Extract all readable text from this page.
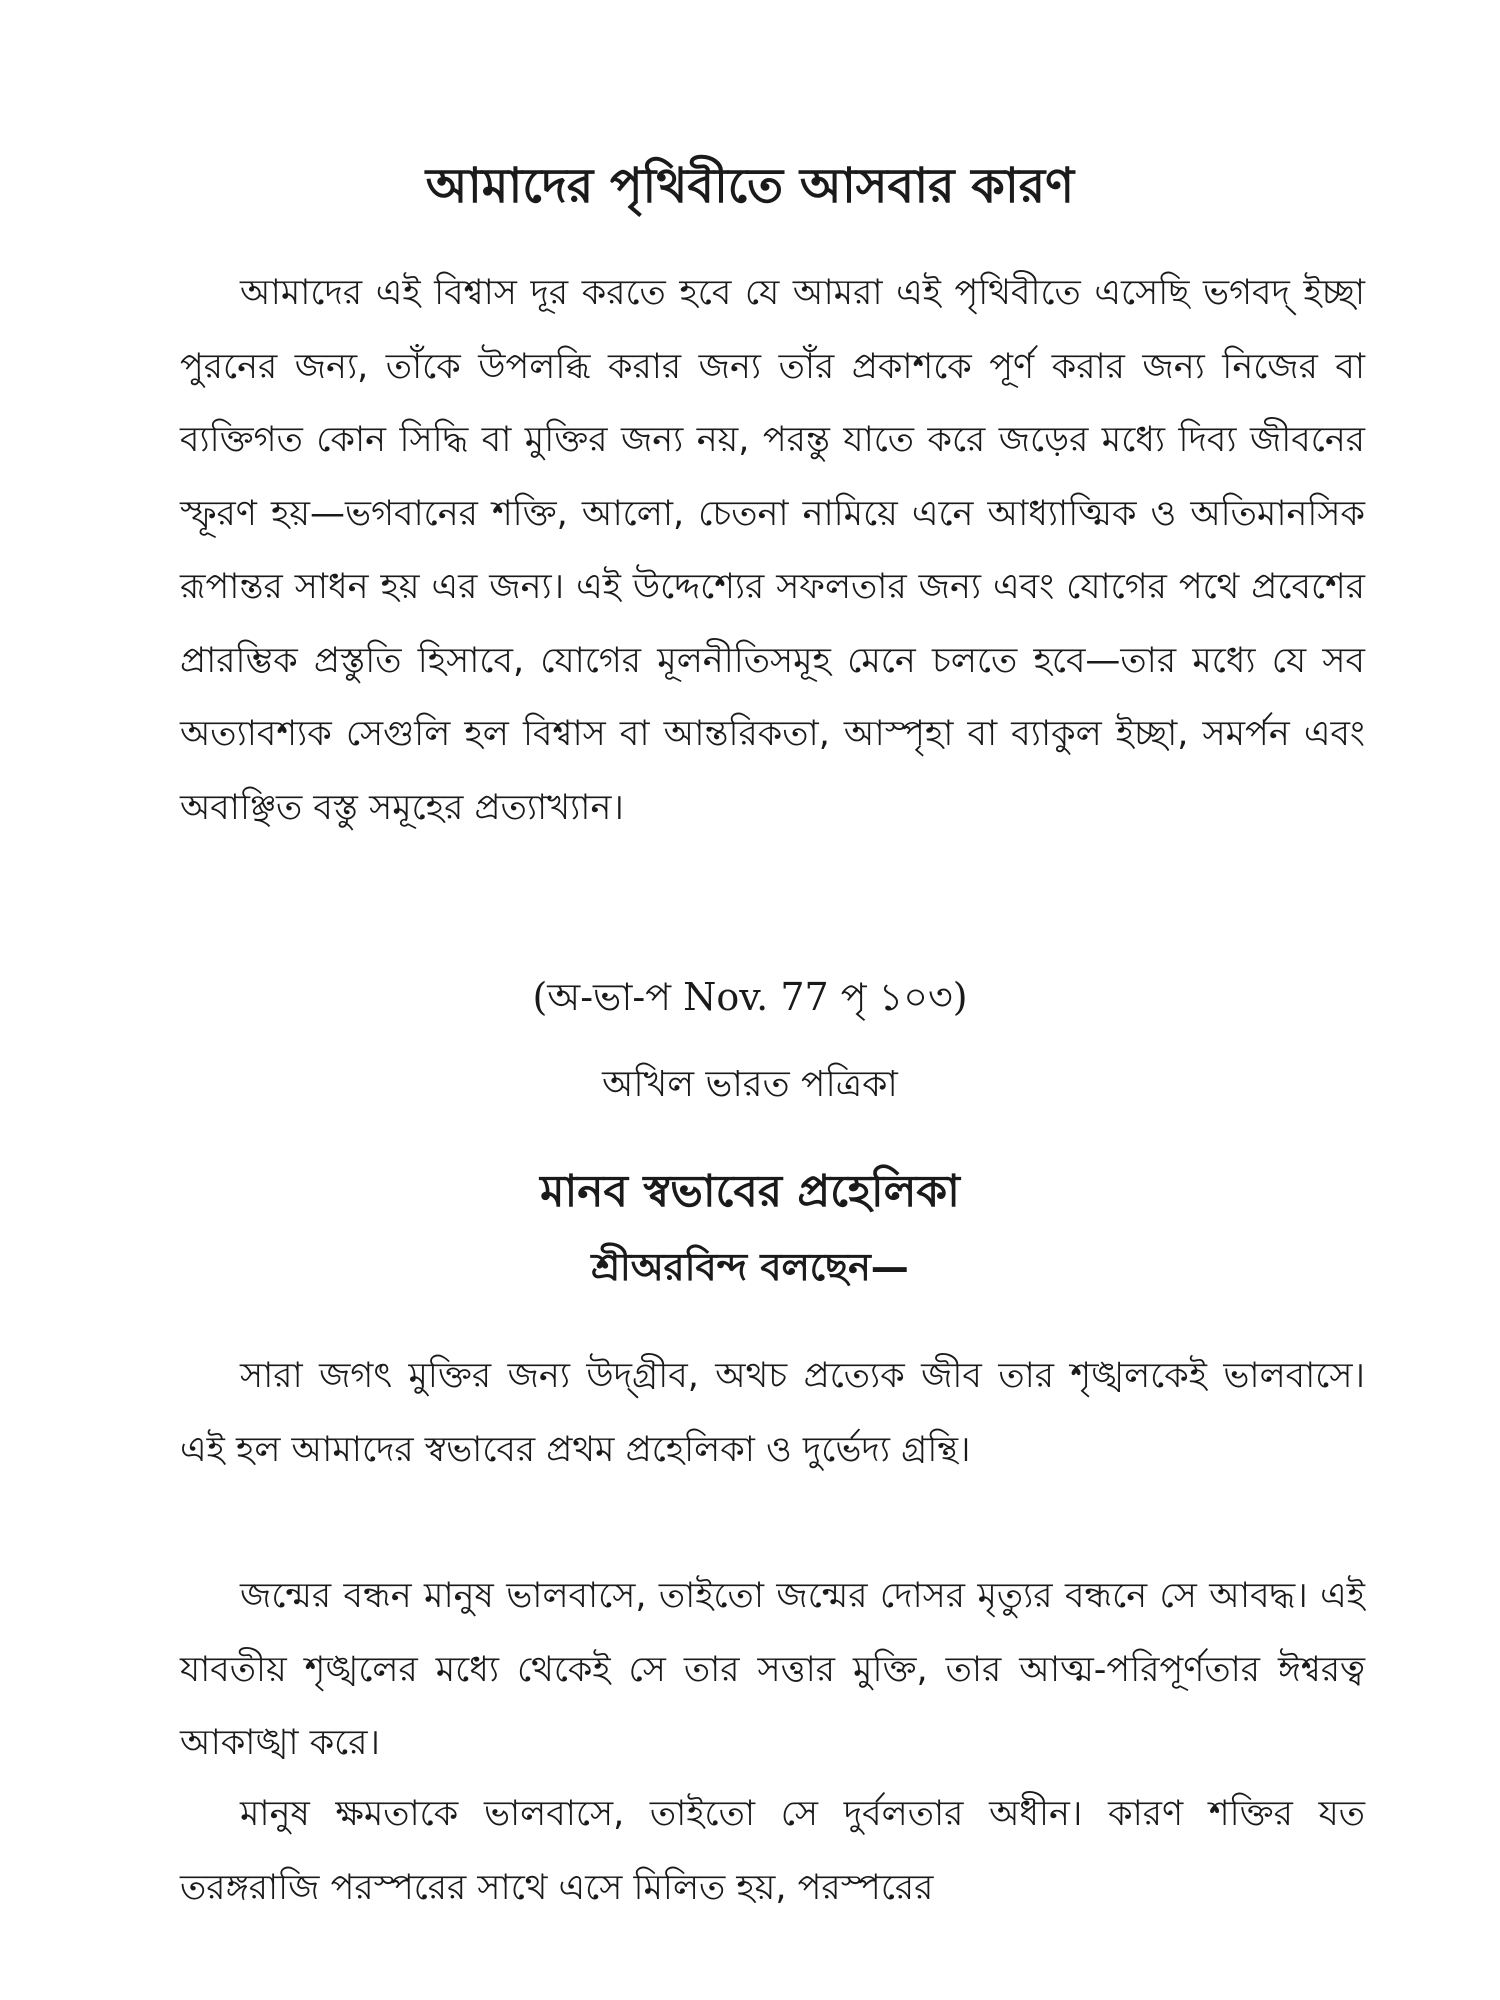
আমাদের পৃথিবীতে আসবার কারণ

আমাদের এই বিশ্বাস দূর করতে হবে যে আমরা এই পৃথিবীতে এসেছি ভগবদ্ ইচ্ছা পুরনের জন্য, তাঁকে উপলব্ধি করার জন্য তাঁর প্রকাশকে পূর্ণ করার জন্য নিজের বা ব্যক্তিগত কোন সিদ্ধি বা মুক্তির জন্য নয়, পরন্তু যাতে করে জড়ের মধ্যে দিব্য জীবনের স্ফূরণ হয়—ভগবানের শক্তি, আলো, চেতনা নামিয়ে এনে আধ্যাত্মিক ও অতিমানসিক রূপান্তর সাধন হয় এর জন্য। এই উদ্দেশ্যের সফলতার জন্য এবং যোগের পথে প্রবেশের প্রারম্ভিক প্রস্তুতি হিসাবে, যোগের মূলনীতিসমূহ মেনে চলতে হবে—তার মধ্যে যে সব অত্যাবশ্যক সেগুলি হল বিশ্বাস বা আন্তরিকতা, আস্পৃহা বা ব্যাকুল ইচ্ছা, সমর্পন এবং অবাঞ্ছিত বস্তু সমূহের প্রত্যাখ্যান।

(অ-ভা-প Nov. 77 পৃ ১০৩)
অখিল ভারত পত্রিকা
মানব স্বভাবের প্রহেলিকা
শ্রীঅরবিন্দ বলছেন—

সারা জগৎ মুক্তির জন্য উদ্‌গ্রীব, অথচ প্রত্যেক জীব তার শৃঙ্খলকেই ভালবাসে। এই হল আমাদের স্বভাবের প্রথম প্রহেলিকা ও দুর্ভেদ্য গ্রন্থি।

জন্মের বন্ধন মানুষ ভালবাসে, তাইতো জন্মের দোসর মৃত্যুর বন্ধনে সে আবদ্ধ। এই যাবতীয় শৃঙ্খলের মধ্যে থেকেই সে তার সত্তার মুক্তি, তার আত্ম-পরিপূর্ণতার ঈশ্বরত্ব আকাঙ্খা করে।

মানুষ ক্ষমতাকে ভালবাসে, তাইতো সে দুর্বলতার অধীন। কারণ শক্তির যত তরঙ্গরাজি পরস্পরের সাথে এসে মিলিত হয়, পরস্পরের
